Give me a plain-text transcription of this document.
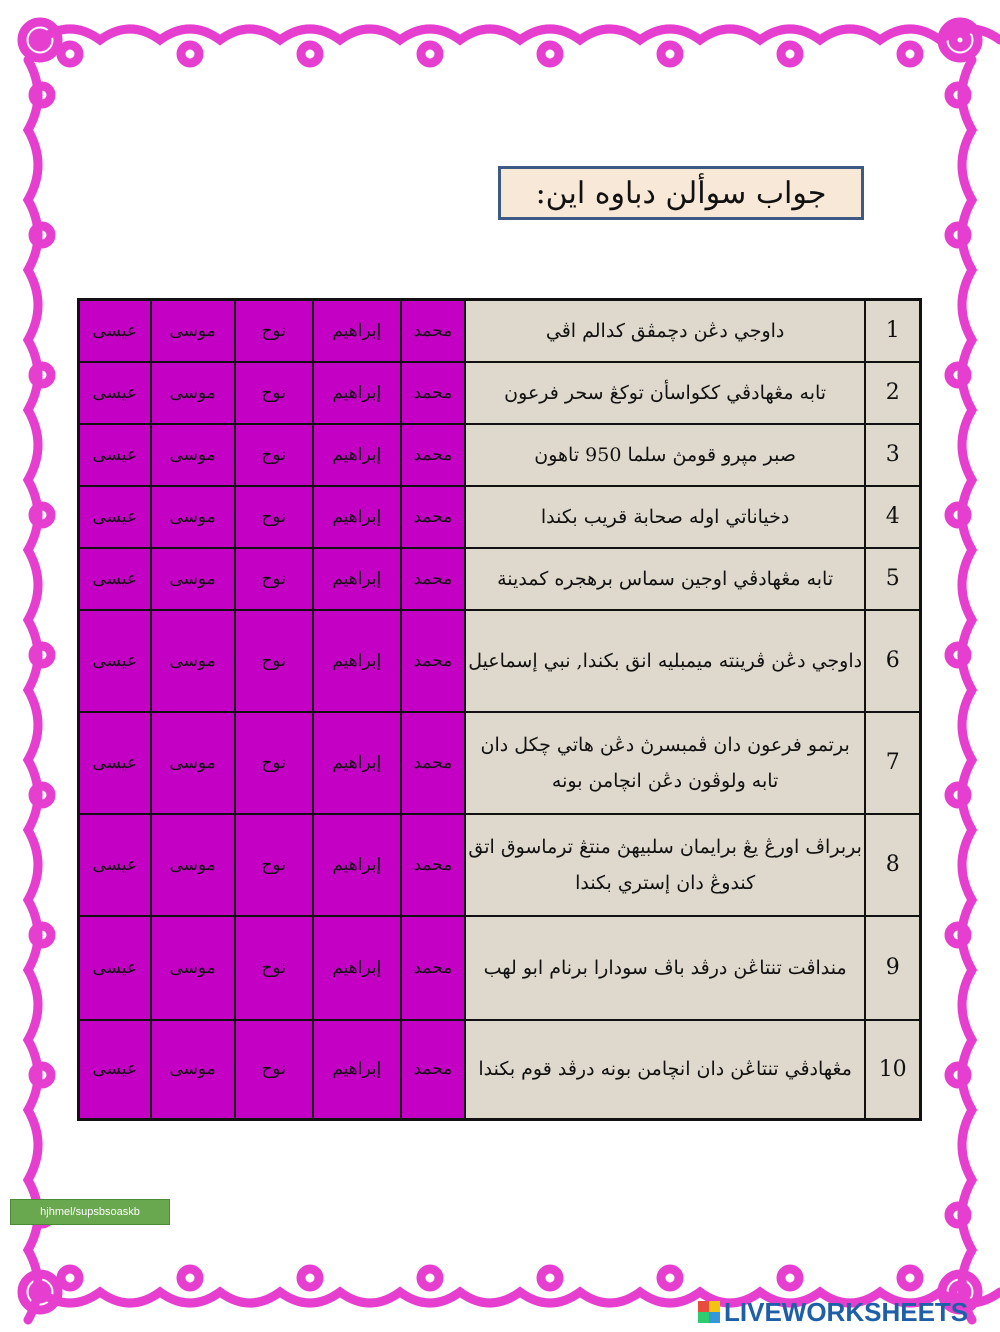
جواب سوألن دباوه اين:
عيسى	موسى	نوح	إبراهيم	محمد	داوجي دڠن دچمڤق كدالم اڤي	1
عيسى	موسى	نوح	إبراهيم	محمد	تابه مڠهادڤي ككواسأن توكڠ سحر فرعون	2
عيسى	موسى	نوح	إبراهيم	محمد	صبر مپرو قومڽ سلما 950 تاهون	3
عيسى	موسى	نوح	إبراهيم	محمد	دخياناتي اوله صحابة قريب بكندا	4
عيسى	موسى	نوح	إبراهيم	محمد	تابه مڠهادڤي اوجين سماس برهجره كمدينة	5
عيسى	موسى	نوح	إبراهيم	محمد	داوجي دڠن ڤرينته ميمبليه انق بكندا, نبي إسماعيل	6
عيسى	موسى	نوح	إبراهيم	محمد	برتمو فرعون دان ڤمبسرڽ دڠن هاتي چكل دان تابه ولوڤون دڠن انچامن بونه	7
عيسى	موسى	نوح	إبراهيم	محمد	بربراڤ اورڠ يڠ برايمان سلبيهڽ منتڠ ترماسوق اتق كندوڠ دان إستري بكندا	8
عيسى	موسى	نوح	إبراهيم	محمد	منداڤت تنتاڠن درڤد باڤ سودارا برنام ابو لهب	9
عيسى	موسى	نوح	إبراهيم	محمد	مڠهادڤي تنتاڠن دان انچامن بونه درڤد قوم بكندا	10
hjhmel/supsbsoaskb
LIVEWORKSHEETS
